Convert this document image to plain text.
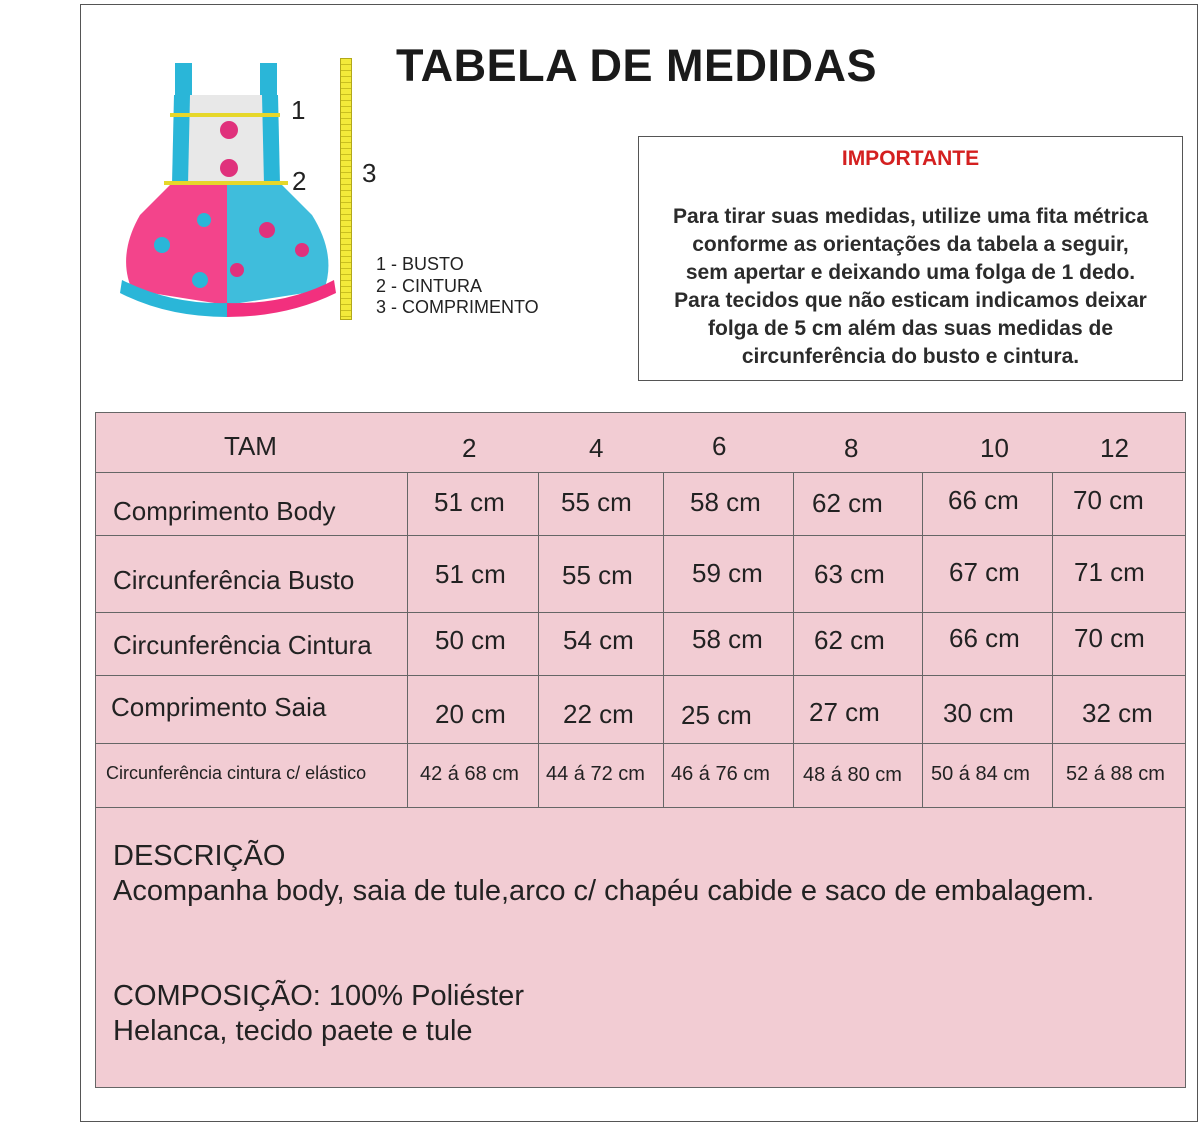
TABELA DE MEDIDAS
1
2 3
1 - BUSTO
2 - CINTURA
3 - COMPRIMENTO
IMPORTANTE
Para tirar suas medidas, utilize uma fita métrica
conforme as orientações da tabela a seguir,
sem apertar e deixando uma folga de 1 dedo.
Para tecidos que não esticam indicamos deixar
folga de 5 cm além das suas medidas de
circunferência do busto e cintura.
TAM	2	4	6	8	10	12
Comprimento Body	51 cm 55 cm 58 cm 62 cm	66 cm 70 cm
Circunferência Busto	51 cm 55 cm 59 cm 63 cm 67 cm 71 cm
Circunferência Cintura 50 cm 54 cm 58 cm 62 cm 66 cm 70 cm
Comprimento Saia	20 cm 22 cm 25 cm 27 cm 30 cm	32 cm
Circunferência cintura c/ elástico	42 á 68 cm 44 á 72 cm 46 á 76 cm 48 á 80 cm 50 á 84 cm 52 á 88 cm
DESCRIÇÃO
Acompanha body, saia de tule,arco c/ chapéu cabide e saco de embalagem.
COMPOSIÇÃO: 100% Poliéster
Helanca, tecido paete e tule
